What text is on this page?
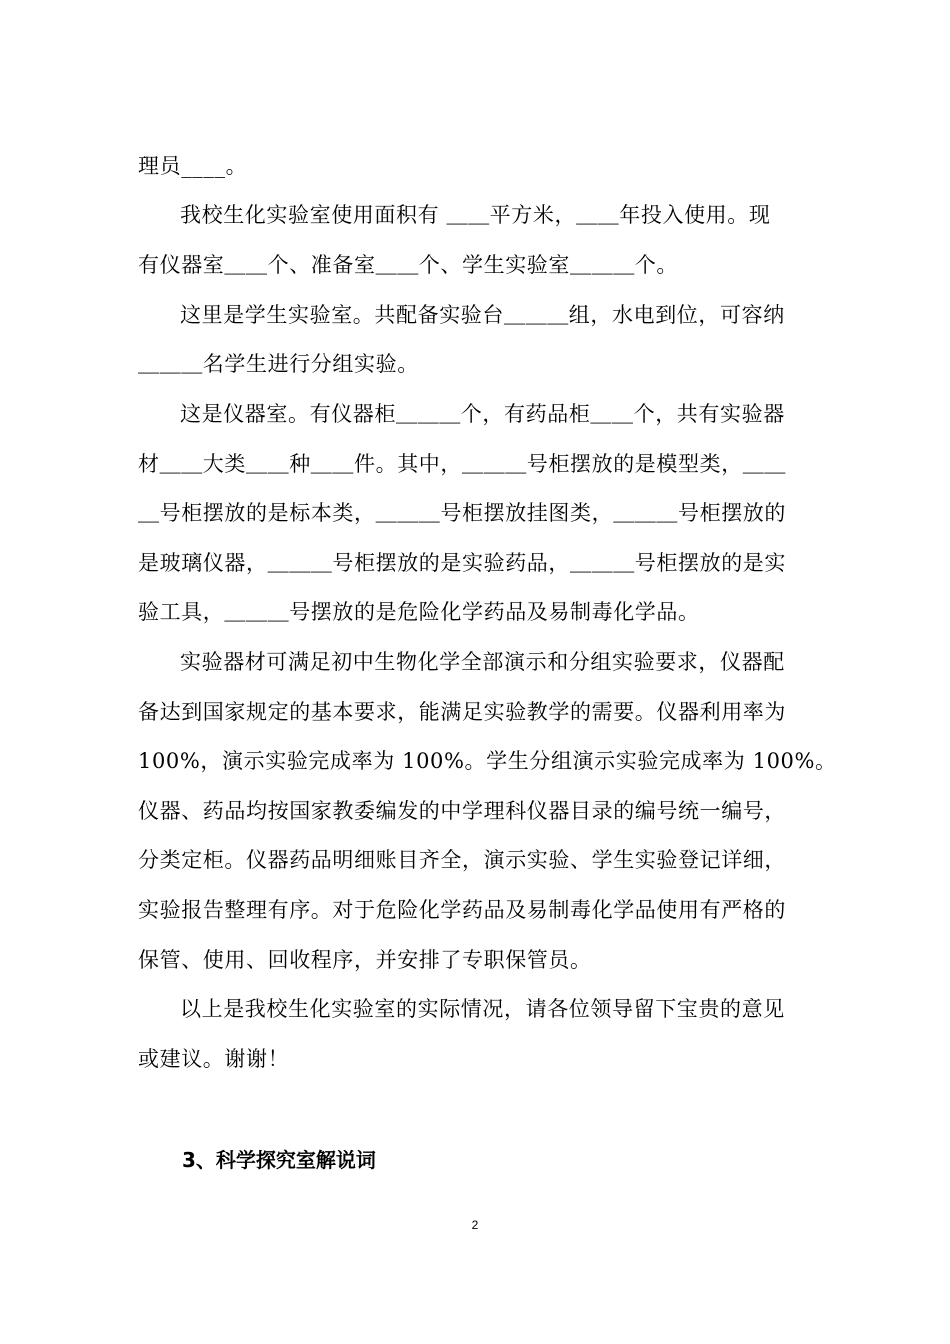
理员____。
我校生化实验室使用面积有 ＿＿平方米，＿＿年投入使用。现
有仪器室＿＿个、准备室＿＿个、学生实验室＿＿＿个。
这里是学生实验室。共配备实验台＿＿＿组，水电到位，可容纳
＿＿＿名学生进行分组实验。
这是仪器室。有仪器柜＿＿＿个，有药品柜＿＿个，共有实验器
材＿＿大类＿＿种＿＿件。其中，＿＿＿号柜摆放的是模型类，＿＿
＿号柜摆放的是标本类，＿＿＿号柜摆放挂图类，＿＿＿号柜摆放的
是玻璃仪器，＿＿＿号柜摆放的是实验药品，＿＿＿号柜摆放的是实
验工具，＿＿＿号摆放的是危险化学药品及易制毒化学品。
实验器材可满足初中生物化学全部演示和分组实验要求，仪器配
备达到国家规定的基本要求，能满足实验教学的需要。仪器利用率为
100%，演示实验完成率为 100%。学生分组演示实验完成率为 100%。
仪器、药品均按国家教委编发的中学理科仪器目录的编号统一编号，
分类定柜。仪器药品明细账目齐全，演示实验、学生实验登记详细，
实验报告整理有序。对于危险化学药品及易制毒化学品使用有严格的
保管、使用、回收程序，并安排了专职保管员。
以上是我校生化实验室的实际情况，请各位领导留下宝贵的意见
或建议。谢谢！
3、科学探究室解说词
2
